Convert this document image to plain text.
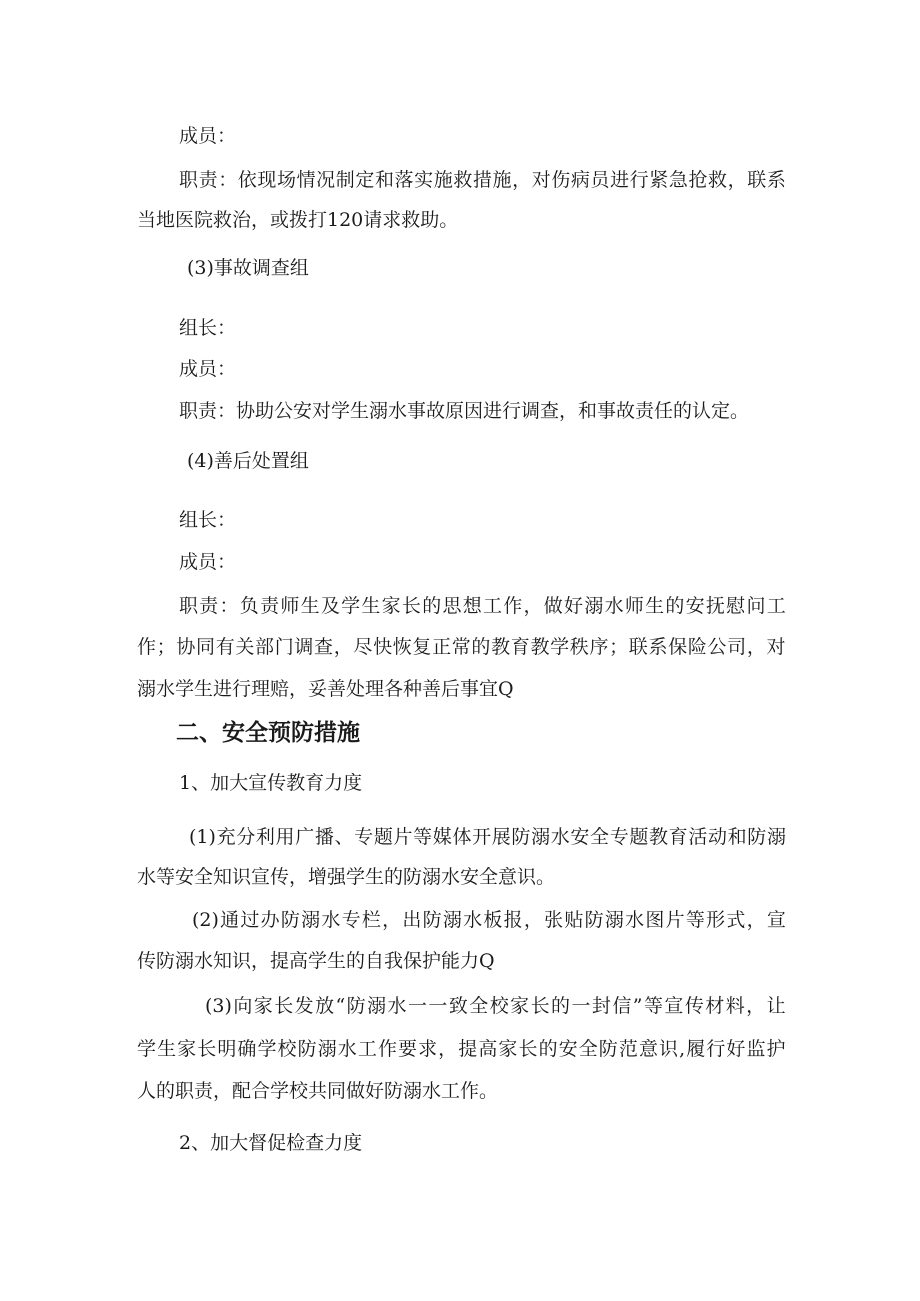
成员：
职 责 ： 依 现 场 情 况 制 定 和 落 实 施 救 措 施 ， 对 伤 病 员 进 行 紧 急 抢 救 ， 联 系
当地医院救治，或拨打120请求救助。
(3)事故调查组
组长：
成员：
职责：协助公安对学生溺水事故原因进行调查，和事故责任的认定。
(4)善后处置组
组长：
成员：
职 责 ： 负 责 师 生 及 学 生 家 长 的 思 想 工 作 ， 做 好 溺 水 师 生 的 安 抚 慰 问 工
作 ； 协 同 有 关 部 门 调 查 ， 尽 快 恢 复 正 常 的 教 育 教 学 秩 序 ； 联 系 保 险 公 司 ， 对
溺水学生进行理赔，妥善处理各种善后事宜Q
二、安全预防措施
1、加大宣传教育力度
(1) 充 分 利 用 广 播 、 专 题 片 等 媒 体 开 展 防 溺 水 安 全 专 题 教 育 活 动 和 防 溺
水等安全知识宣传，增强学生的防溺水安全意识。
(2) 通 过 办 防 溺 水 专 栏 ， 出 防 溺 水 板 报 ， 张 贴 防 溺 水 图 片 等 形 式 ， 宣
传防溺水知识，提高学生的自我保护能力Q
(3) 向 家 长 发 放 “ 防 溺 水 一 一 致 全 校 家 长 的 一 封 信 ” 等 宣 传 材 料 ， 让
学 生 家 长 明 确 学 校 防 溺 水 工 作 要 求 ， 提 高 家 长 的 安 全 防 范 意 识 , 履 行 好 监 护
人的职责，配合学校共同做好防溺水工作。
2、加大督促检查力度
